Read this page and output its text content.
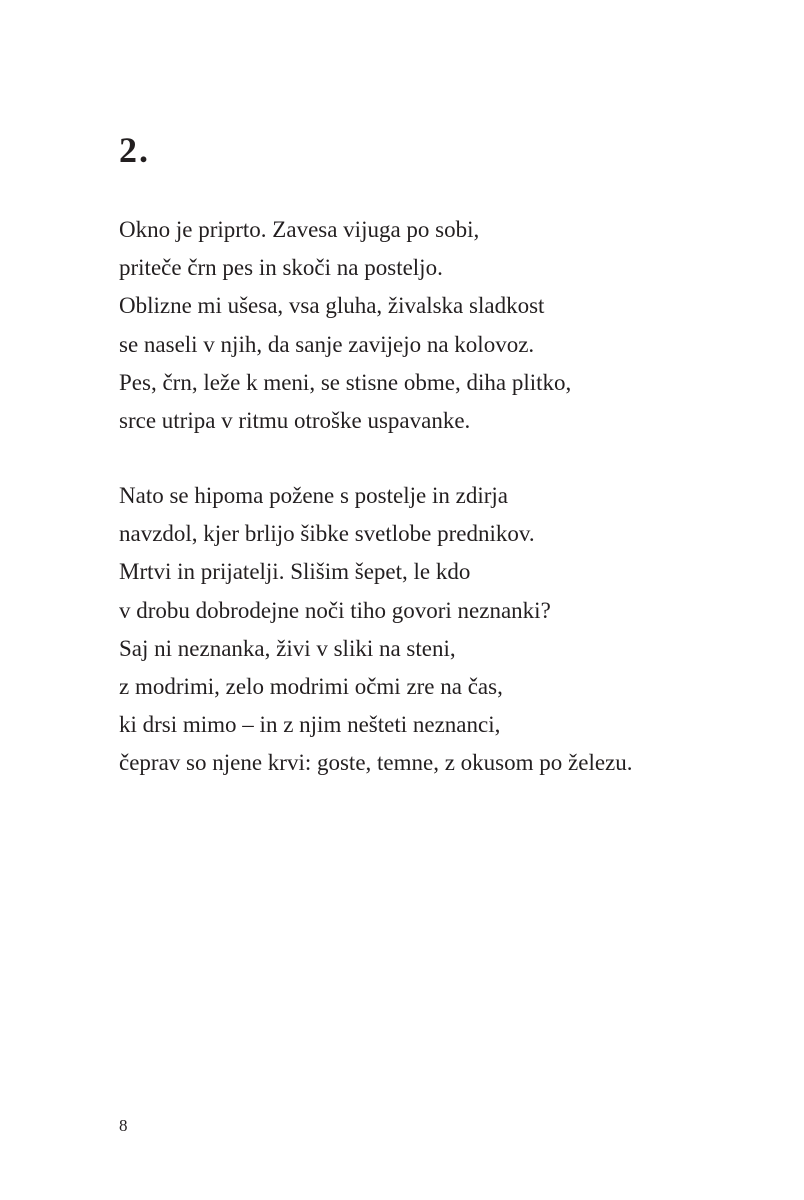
2.
Okno je priprto. Zavesa vijuga po sobi,
priteče črn pes in skoči na posteljo.
Oblizne mi ušesa, vsa gluha, živalska sladkost
se naseli v njih, da sanje zavijejo na kolovoz.
Pes, črn, leže k meni, se stisne obme, diha plitko,
srce utripa v ritmu otroške uspavanke.
Nato se hipoma požene s postelje in zdirja
navzdol, kjer brlijo šibke svetlobe prednikov.
Mrtvi in prijatelji. Slišim šepet, le kdo
v drobu dobrodejne noči tiho govori neznanki?
Saj ni neznanka, živi v sliki na steni,
z modrimi, zelo modrimi očmi zre na čas,
ki drsi mimo – in z njim nešteti neznanci,
čeprav so njene krvi: goste, temne, z okusom po železu.
8
